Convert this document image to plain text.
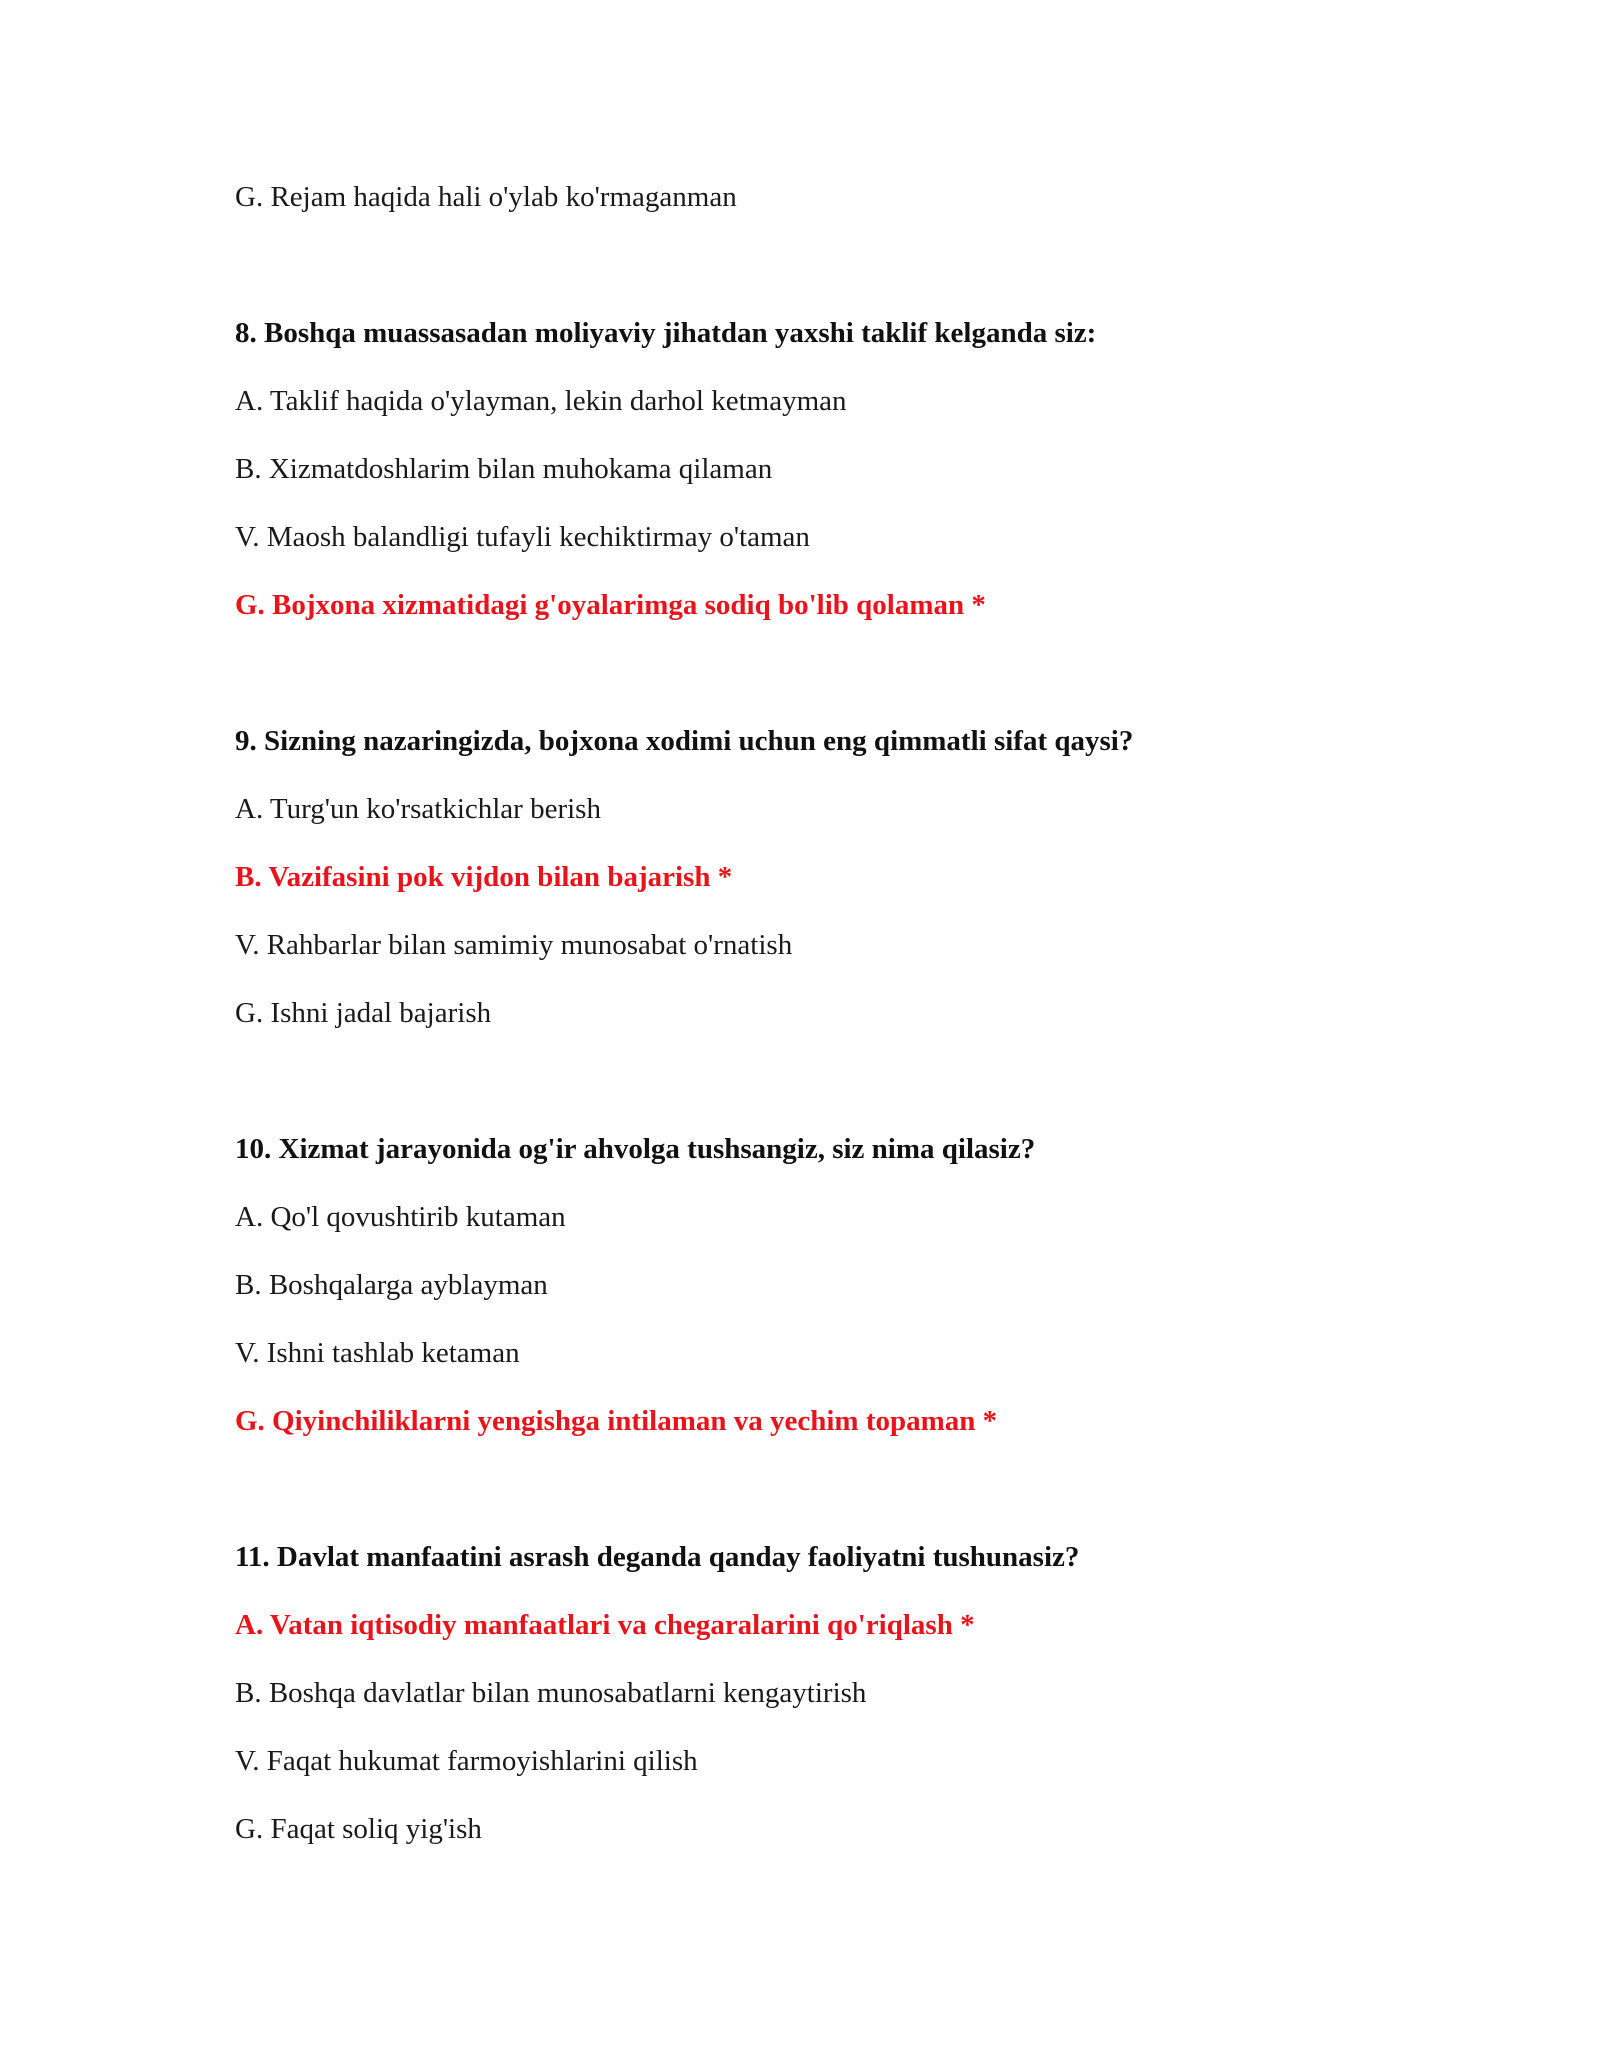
G. Rejam haqida hali o'ylab ko'rmaganman

8. Boshqa muassasadan moliyaviy jihatdan yaxshi taklif kelganda siz:

A. Taklif haqida o'ylayman, lekin darhol ketmayman

B. Xizmatdoshlarim bilan muhokama qilaman

V. Maosh balandligi tufayli kechiktirmay o'taman

G. Bojxona xizmatidagi g'oyalarimga sodiq bo'lib qolaman *

9. Sizning nazaringizda, bojxona xodimi uchun eng qimmatli sifat qaysi?

A. Turg'un ko'rsatkichlar berish

B. Vazifasini pok vijdon bilan bajarish *

V. Rahbarlar bilan samimiy munosabat o'rnatish

G. Ishni jadal bajarish

10. Xizmat jarayonida og'ir ahvolga tushsangiz, siz nima qilasiz?

A. Qo'l qovushtirib kutaman

B. Boshqalarga ayblayman

V. Ishni tashlab ketaman

G. Qiyinchiliklarni yengishga intilaman va yechim topaman *

11. Davlat manfaatini asrash deganda qanday faoliyatni tushunasiz?

A. Vatan iqtisodiy manfaatlari va chegaralarini qo'riqlash *

B. Boshqa davlatlar bilan munosabatlarni kengaytirish

V. Faqat hukumat farmoyishlarini qilish

G. Faqat soliq yig'ish
